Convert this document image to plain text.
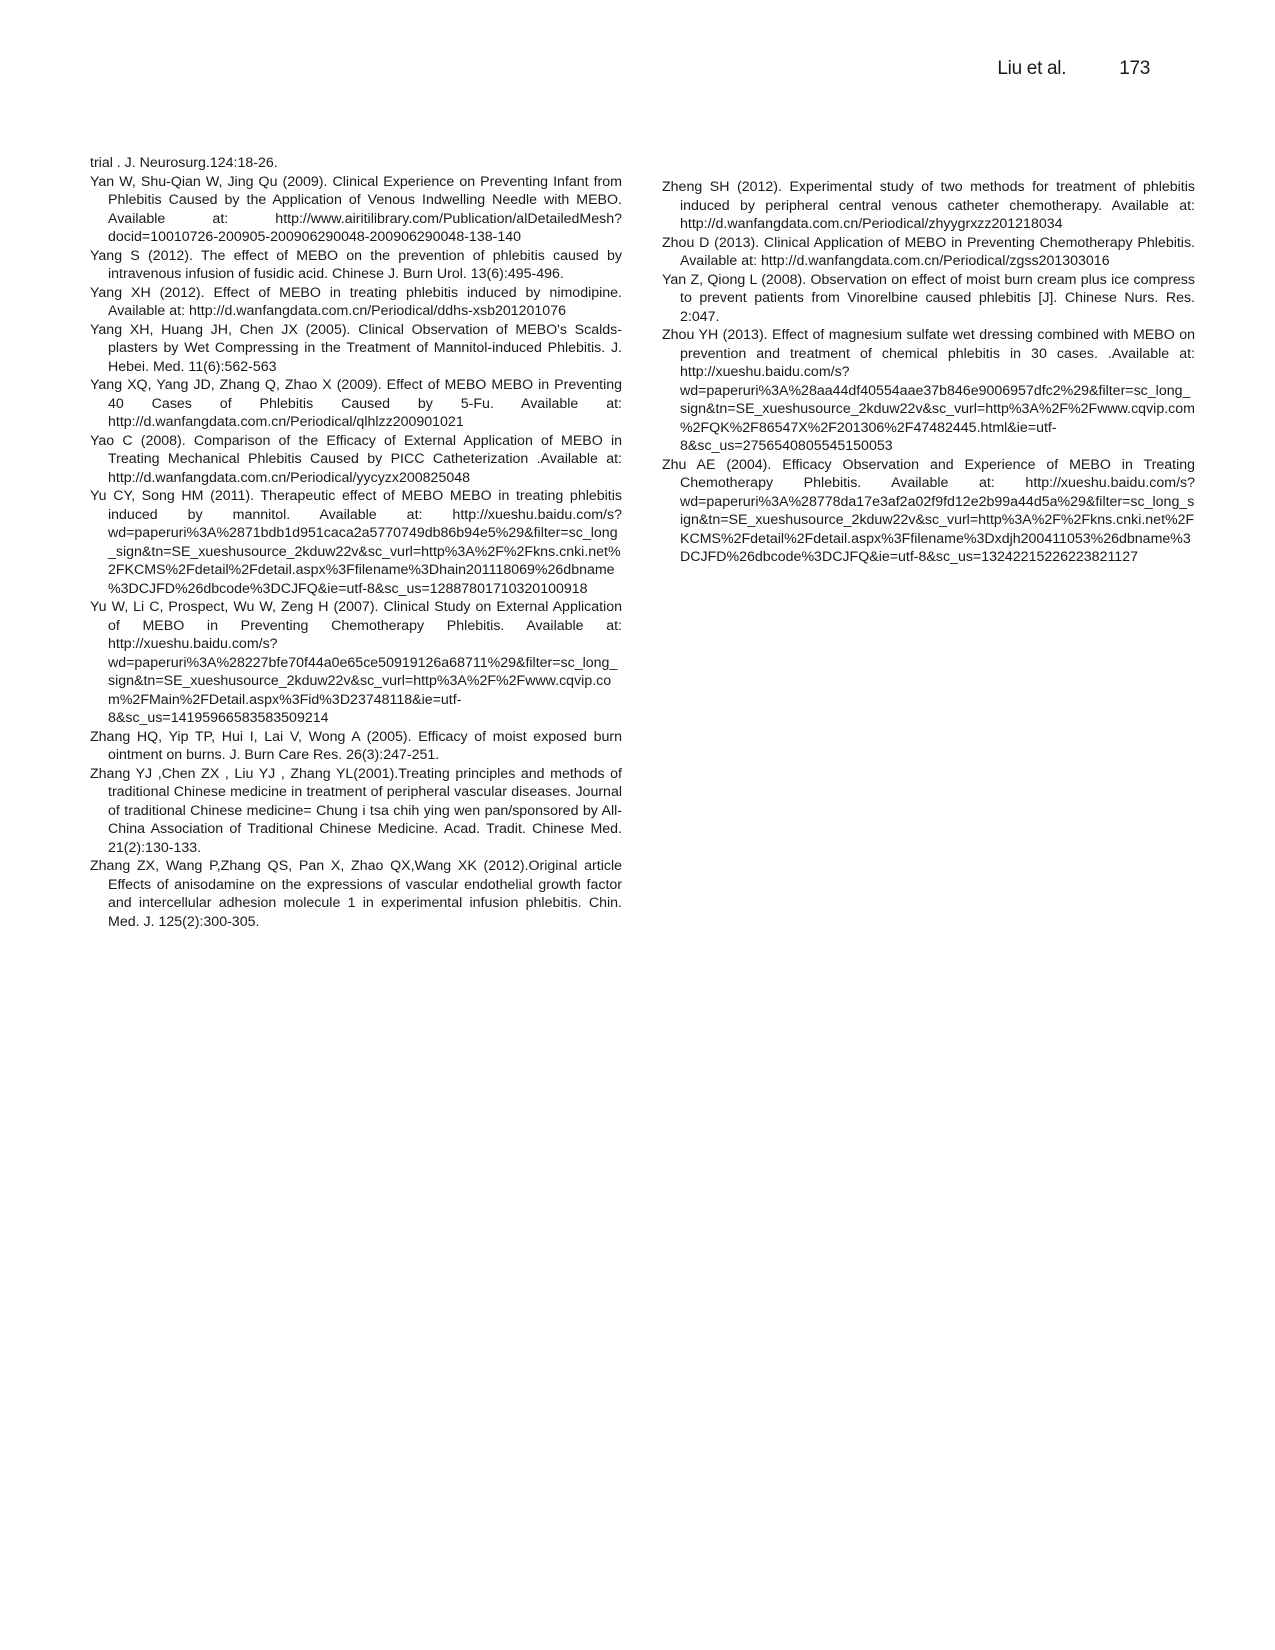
Liu et al.	173

trial . J. Neurosurg.124:18-26.

Yan W, Shu-Qian W, Jing Qu (2009). Clinical Experience on Preventing Infant from Phlebitis Caused by the Application of Venous Indwelling Needle with MEBO. Available at: http://www.airitilibrary.com/Publication/alDetailedMesh?docid=10010726-200905-200906290048-200906290048-138-140

Yang S (2012). The effect of MEBO on the prevention of phlebitis caused by intravenous infusion of fusidic acid. Chinese J. Burn Urol. 13(6):495-496.

Yang XH (2012). Effect of MEBO in treating phlebitis induced by nimodipine. Available at: http://d.wanfangdata.com.cn/Periodical/ddhs-xsb201201076

Yang XH, Huang JH, Chen JX (2005). Clinical Observation of MEBO's Scalds-plasters by Wet Compressing in the Treatment of Mannitol-induced Phlebitis. J. Hebei. Med. 11(6):562-563

Yang XQ, Yang JD, Zhang Q, Zhao X (2009). Effect of MEBO MEBO in Preventing 40 Cases of Phlebitis Caused by 5-Fu. Available at: http://d.wanfangdata.com.cn/Periodical/qlhlzz200901021

Yao C (2008). Comparison of the Efficacy of External Application of MEBO in Treating Mechanical Phlebitis Caused by PICC Catheterization .Available at: http://d.wanfangdata.com.cn/Periodical/yycyzx200825048

Yu CY, Song HM (2011). Therapeutic effect of MEBO MEBO in treating phlebitis induced by mannitol. Available at: http://xueshu.baidu.com/s?wd=paperuri%3A%2871bdb1d951caca2a5770749db86b94e5%29&filter=sc_long_sign&tn=SE_xueshusource_2kduw22v&sc_vurl=http%3A%2F%2Fkns.cnki.net%2FKCMS%2Fdetail%2Fdetail.aspx%3Ffilename%3Dhain201118069%26dbname%3DCJFD%26dbcode%3DCJFQ&ie=utf-8&sc_us=12887801710320100918

Yu W, Li C, Prospect, Wu W, Zeng H (2007). Clinical Study on External Application of MEBO in Preventing Chemotherapy Phlebitis. Available at: http://xueshu.baidu.com/s?wd=paperuri%3A%28227bfe70f44a0e65ce50919126a68711%29&filter=sc_long_sign&tn=SE_xueshusource_2kduw22v&sc_vurl=http%3A%2F%2Fwww.cqvip.com%2FMain%2FDetail.aspx%3Fid%3D23748118&ie=utf-8&sc_us=14195966583583509214

Zhang HQ, Yip TP, Hui I, Lai V, Wong A (2005). Efficacy of moist exposed burn ointment on burns. J. Burn Care Res. 26(3):247-251.

Zhang YJ ,Chen ZX , Liu YJ , Zhang YL(2001).Treating principles and methods of traditional Chinese medicine in treatment of peripheral vascular diseases. Journal of traditional Chinese medicine= Chung i tsa chih ying wen pan/sponsored by All-China Association of Traditional Chinese Medicine. Acad. Tradit. Chinese Med. 21(2):130-133.

Zhang ZX, Wang P,Zhang QS, Pan X, Zhao QX,Wang XK (2012).Original article Effects of anisodamine on the expressions of vascular endothelial growth factor and intercellular adhesion molecule 1 in experimental infusion phlebitis. Chin. Med. J. 125(2):300-305.

Zheng SH (2012). Experimental study of two methods for treatment of phlebitis induced by peripheral central venous catheter chemotherapy. Available at: http://d.wanfangdata.com.cn/Periodical/zhyygrxzz201218034

Zhou D (2013). Clinical Application of MEBO in Preventing Chemotherapy Phlebitis. Available at: http://d.wanfangdata.com.cn/Periodical/zgss201303016

Yan Z, Qiong L (2008). Observation on effect of moist burn cream plus ice compress to prevent patients from Vinorelbine caused phlebitis [J]. Chinese Nurs. Res. 2:047.

Zhou YH (2013). Effect of magnesium sulfate wet dressing combined with MEBO on prevention and treatment of chemical phlebitis in 30 cases. .Available at: http://xueshu.baidu.com/s?wd=paperuri%3A%28aa44df40554aae37b846e9006957dfc2%29&filter=sc_long_sign&tn=SE_xueshusource_2kduw22v&sc_vurl=http%3A%2F%2Fwww.cqvip.com%2FQK%2F86547X%2F201306%2F47482445.html&ie=utf-8&sc_us=2756540805545150053

Zhu AE (2004). Efficacy Observation and Experience of MEBO in Treating Chemotherapy Phlebitis. Available at: http://xueshu.baidu.com/s?wd=paperuri%3A%28778da17e3af2a02f9fd12e2b99a44d5a%29&filter=sc_long_sign&tn=SE_xueshusource_2kduw22v&sc_vurl=http%3A%2F%2Fkns.cnki.net%2FKCMS%2Fdetail%2Fdetail.aspx%3Ffilename%3Dxdjh200411053%26dbname%3DCJFD%26dbcode%3DCJFQ&ie=utf-8&sc_us=13242215226223821127
